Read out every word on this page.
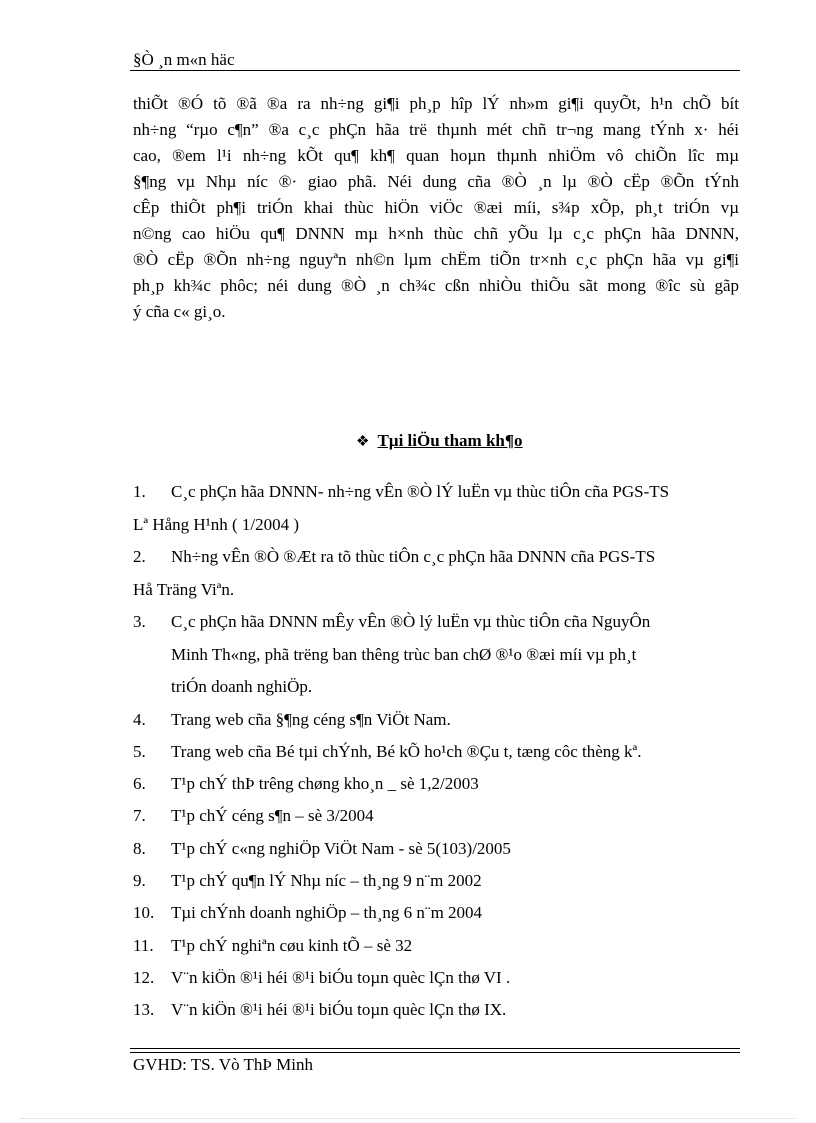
§Ò ¸n m«n häc
thiÕt ®Ó tõ ®ã ®a ra nh÷ng gi¶i ph¸p hîp lÝ nh»m gi¶i quyÕt, h¹n chÕ bít
nh÷ng “rµo c¶n” ®a c¸c phÇn hãa trë thµnh mét chñ tr¬ng mang tÝnh x· héi
cao, ®em l¹i nh÷ng kÕt qu¶ kh¶ quan hoµn thµnh nhiÖm vô chiÕn lîc mµ
§¶ng vµ Nhµ níc ®· giao phã. Néi dung cña ®Ò ¸n lµ ®Ò cËp ®Õn tÝnh
cÊp thiÕt ph¶i triÓn khai thùc hiÖn viÖc ®æi míi, s¾p xÕp, ph¸t triÓn vµ
n©ng cao hiÖu qu¶ DNNN mµ h×nh thùc chñ yÕu lµ c¸c phÇn hãa DNNN,
®Ò cËp ®Õn nh÷ng nguyªn nh©n lµm chËm tiÕn tr×nh c¸c phÇn hãa vµ gi¶i
ph¸p kh¾c phôc; néi dung ®Ò ¸n ch¾c cßn nhiÒu thiÕu sãt mong ®îc sù gãp
ý cña c« gi¸o.
❖ Tµi liÖu tham kh¶o
1. C¸c phÇn hãa DNNN- nh÷ng vÊn ®Ò lÝ luËn vµ thùc tiÔn cña PGS-TS
Lª Hång H¹nh ( 1/2004 )
2. Nh÷ng vÊn ®Ò ®Æt ra tõ thùc tiÔn c¸c phÇn hãa DNNN cña PGS-TS
Hå Träng Viªn.
3. C¸c phÇn hãa DNNN mÊy vÊn ®Ò lý luËn vµ thùc tiÔn cña NguyÔn
Minh Th«ng, phã trëng ban thêng trùc ban chØ ®¹o ®æi míi vµ ph¸t
triÓn doanh nghiÖp.
4. Trang web cña §¶ng céng s¶n ViÖt Nam.
5. Trang web cña Bé tµi chÝnh, Bé kÕ ho¹ch ®Çu t, tæng côc thèng kª.
6. T¹p chÝ thÞ trêng chøng kho¸n _ sè 1,2/2003
7. T¹p chÝ céng s¶n – sè 3/2004
8. T¹p chÝ c«ng nghiÖp ViÖt Nam - sè 5(103)/2005
9. T¹p chÝ qu¶n lÝ Nhµ níc – th¸ng 9 n¨m 2002
10. Tµi chÝnh doanh nghiÖp – th¸ng 6 n¨m 2004
11. T¹p chÝ nghiªn cøu kinh tÕ – sè 32
12. V¨n kiÖn ®¹i héi ®¹i biÓu toµn quèc lÇn thø VI .
13. V¨n kiÖn ®¹i héi ®¹i biÓu toµn quèc lÇn thø IX.
GVHD: TS. Vò ThÞ Minh
